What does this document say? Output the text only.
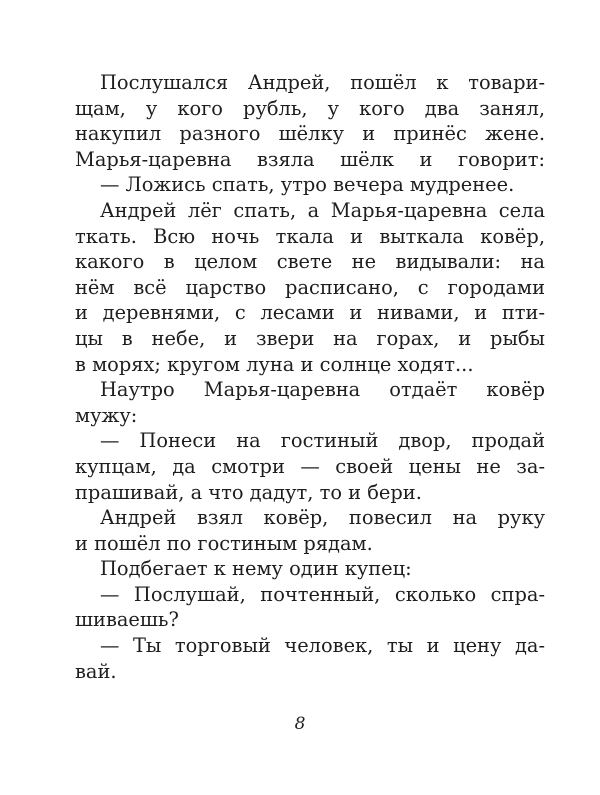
Послушался Андрей, пошёл к товари-
щам, у кого рубль, у кого два занял,
накупил разного шёлку и принёс жене.
Марья-царевна взяла шёлк и говорит:
— Ложись спать, утро вечера мудренее.
Андрей лёг спать, а Марья-царевна села
ткать. Всю ночь ткала и выткала ковёр,
какого в целом свете не видывали: на
нём всё царство расписано, с городами
и деревнями, с лесами и нивами, и пти-
цы в небе, и звери на горах, и рыбы
в морях; кругом луна и солнце ходят...
Наутро Марья-царевна отдаёт ковёр
мужу:
— Понеси на гостиный двор, продай
купцам, да смотри — своей цены не за-
прашивай, а что дадут, то и бери.
Андрей взял ковёр, повесил на руку
и пошёл по гостиным рядам.
Подбегает к нему один купец:
— Послушай, почтенный, сколько спра-
шиваешь?
— Ты торговый человек, ты и цену да-
вай.
8
